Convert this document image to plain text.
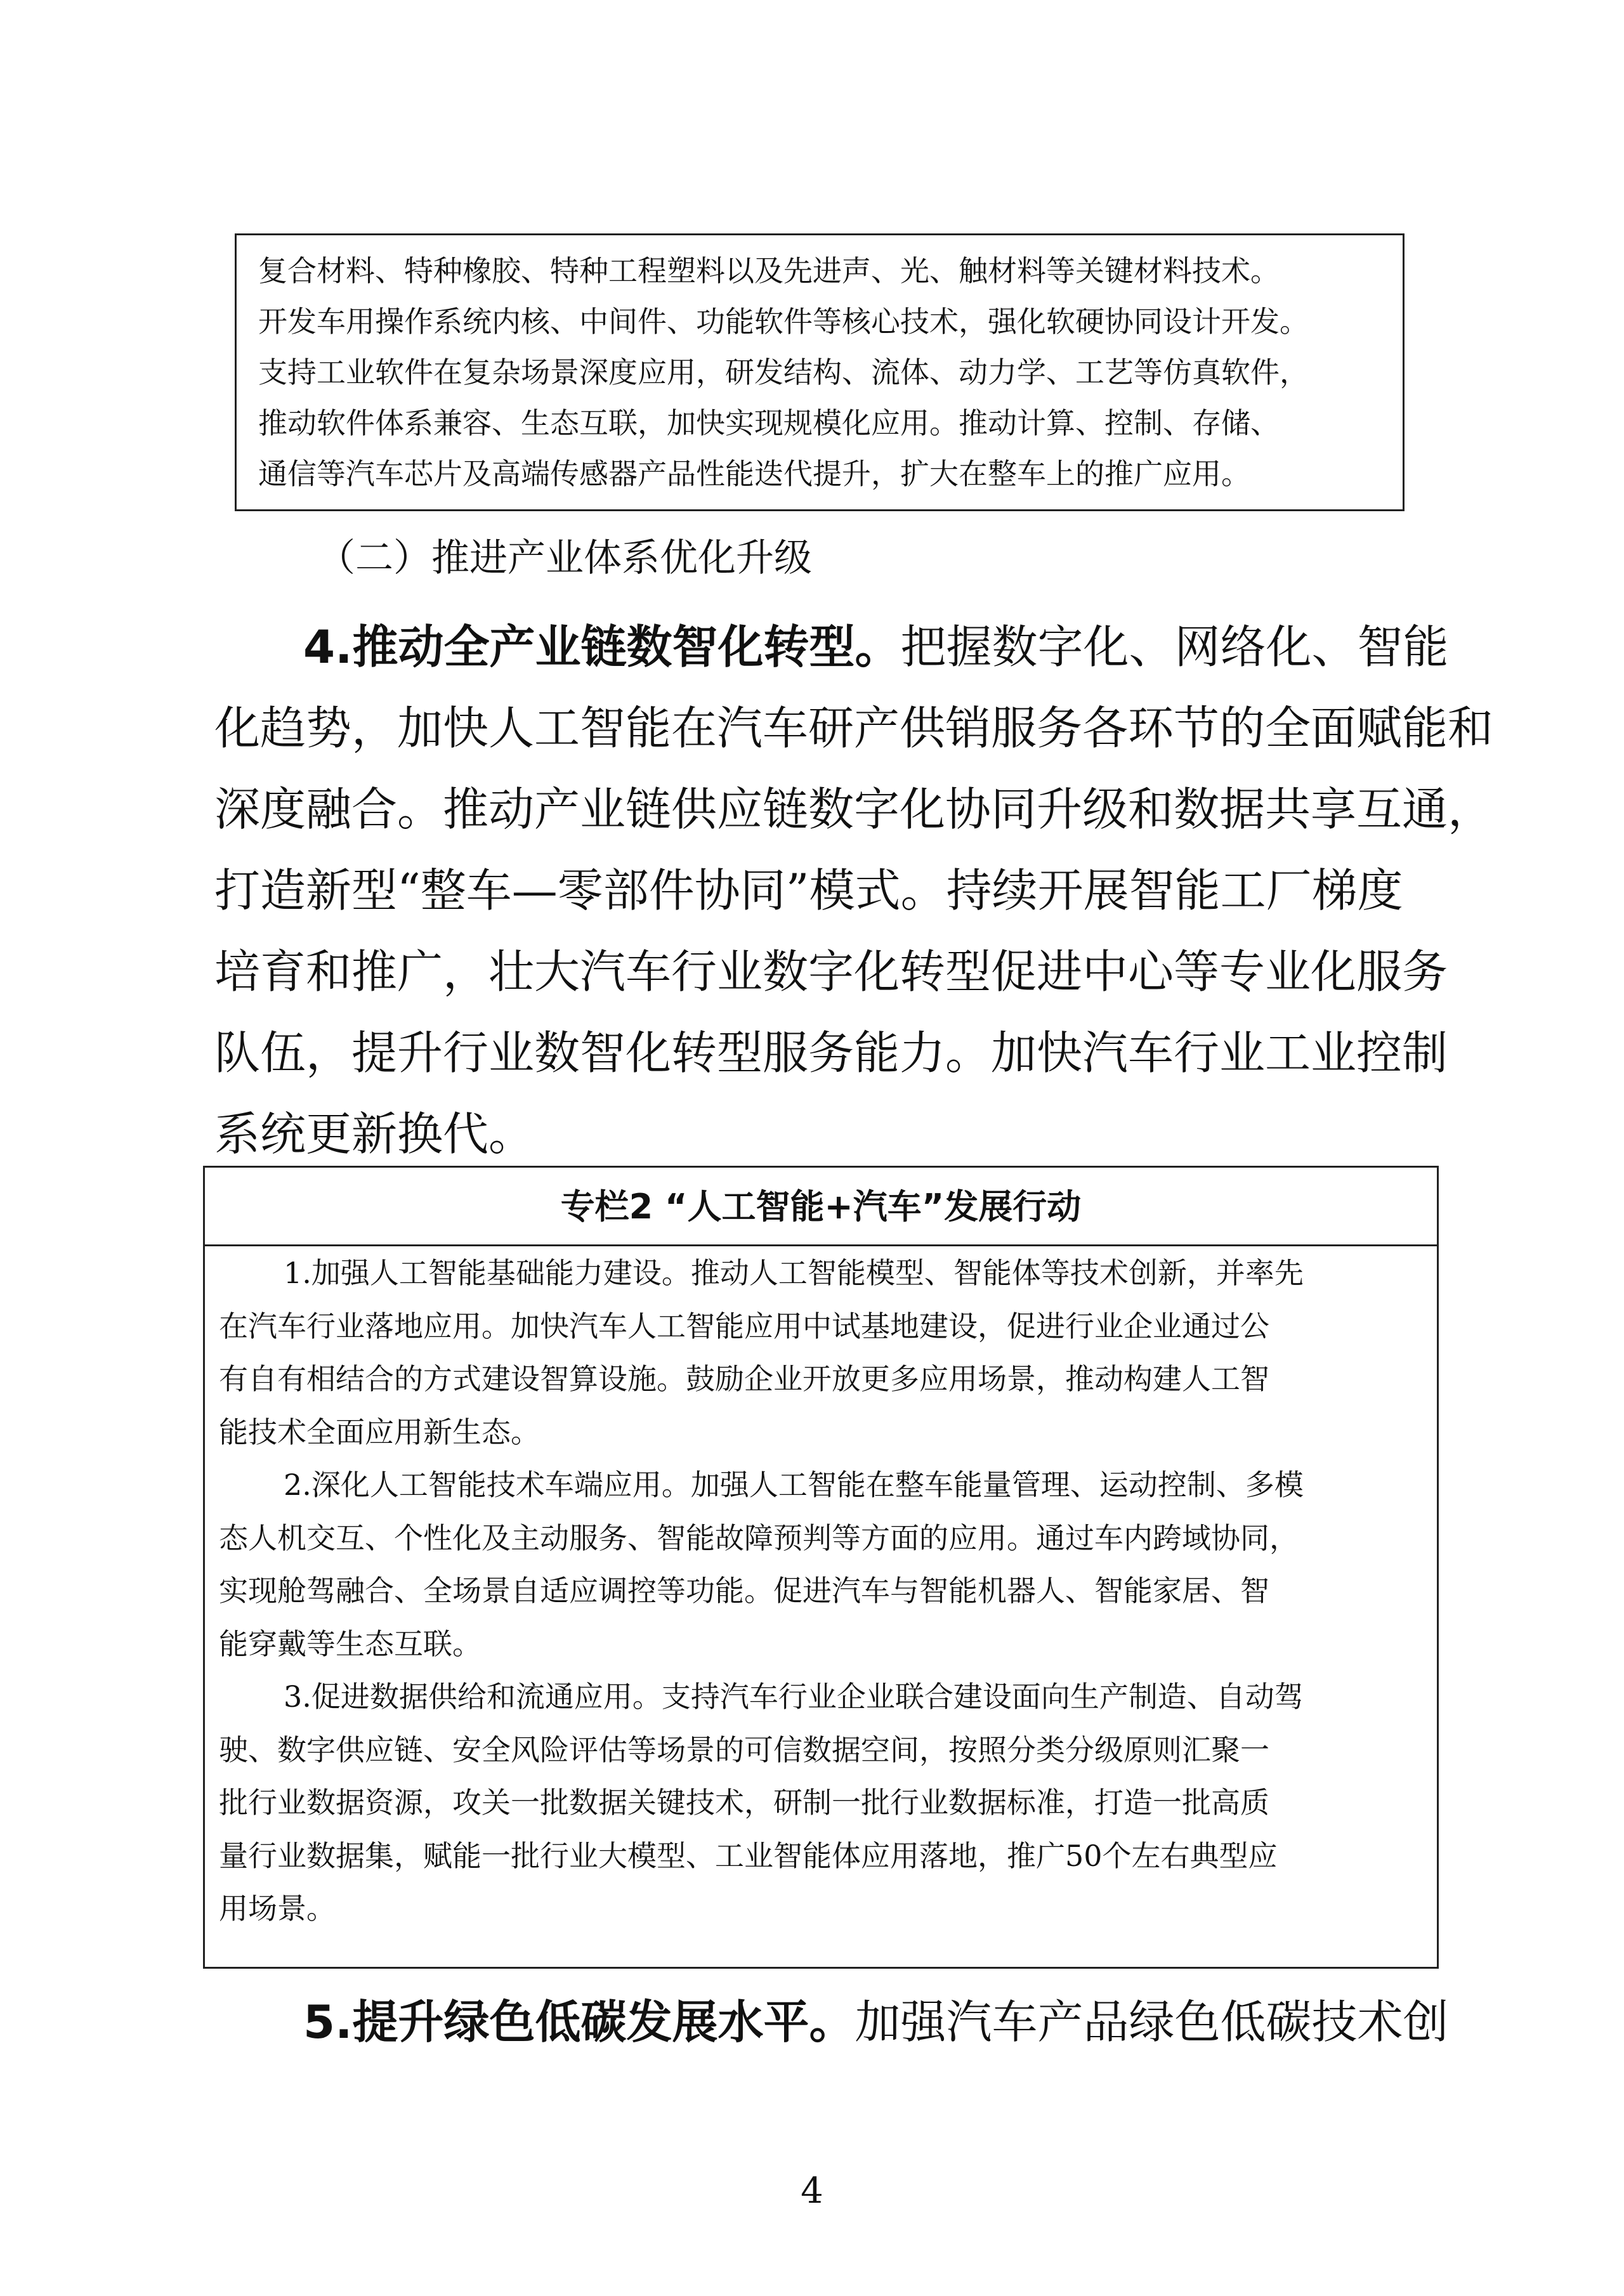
复合材料、特种橡胶、特种工程塑料以及先进声、光、触材料等关键材料技术。
开发车用操作系统内核、中间件、功能软件等核心技术，强化软硬协同设计开发。
支持工业软件在复杂场景深度应用，研发结构、流体、动力学、工艺等仿真软件，
推动软件体系兼容、生态互联，加快实现规模化应用。推动计算、控制、存储、
通信等汽车芯片及高端传感器产品性能迭代提升，扩大在整车上的推广应用。
（二）推进产业体系优化升级
4.推动全产业链数智化转型。把握数字化、网络化、智能
化趋势，加快人工智能在汽车研产供销服务各环节的全面赋能和
深度融合。推动产业链供应链数字化协同升级和数据共享互通，
打造新型“整车—零部件协同”模式。持续开展智能工厂梯度
培育和推广，壮大汽车行业数字化转型促进中心等专业化服务
队伍，提升行业数智化转型服务能力。加快汽车行业工业控制
系统更新换代。
专栏2 “人工智能+汽车”发展行动
1.加强人工智能基础能力建设。推动人工智能模型、智能体等技术创新，并率先
在汽车行业落地应用。加快汽车人工智能应用中试基地建设，促进行业企业通过公
有自有相结合的方式建设智算设施。鼓励企业开放更多应用场景，推动构建人工智
能技术全面应用新生态。
2.深化人工智能技术车端应用。加强人工智能在整车能量管理、运动控制、多模
态人机交互、个性化及主动服务、智能故障预判等方面的应用。通过车内跨域协同，
实现舱驾融合、全场景自适应调控等功能。促进汽车与智能机器人、智能家居、智
能穿戴等生态互联。
3.促进数据供给和流通应用。支持汽车行业企业联合建设面向生产制造、自动驾
驶、数字供应链、安全风险评估等场景的可信数据空间，按照分类分级原则汇聚一
批行业数据资源，攻关一批数据关键技术，研制一批行业数据标准，打造一批高质
量行业数据集，赋能一批行业大模型、工业智能体应用落地，推广50个左右典型应
用场景。
5.提升绿色低碳发展水平。加强汽车产品绿色低碳技术创
4
